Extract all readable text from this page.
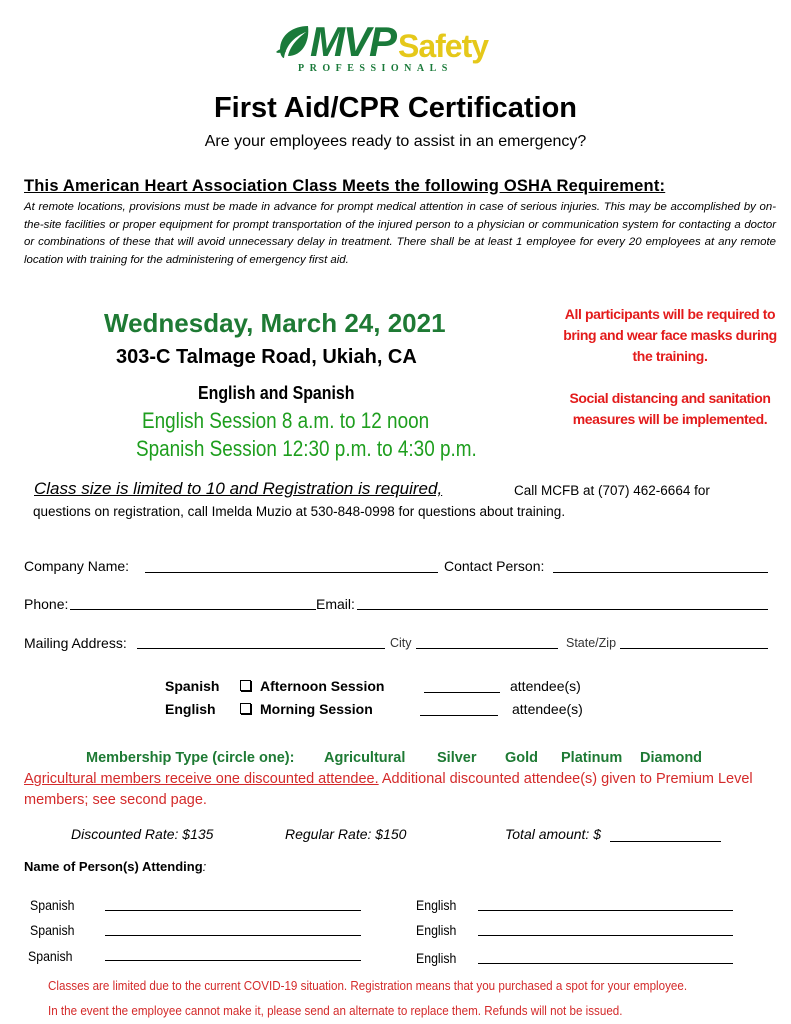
MVP Safety
PROFESSIONALS
First Aid/CPR Certification
Are your employees ready to assist in an emergency?
This American Heart Association Class Meets the following OSHA Requirement:
At remote locations, provisions must be made in advance for prompt medical attention in case of serious injuries. This may be accomplished by on-the-site facilities or proper equipment for prompt transportation of the injured person to a physician or communication system for contacting a doctor or combinations of these that will avoid unnecessary delay in treatment. There shall be at least 1 employee for every 20 employees at any remote location with training for the administering of emergency first aid.
Wednesday, March 24, 2021
303-C Talmage Road, Ukiah, CA
English and Spanish
English Session 8 a.m. to 12 noon
Spanish Session 12:30 p.m. to 4:30 p.m.
All participants will be required to bring and wear face masks during the training.
Social distancing and sanitation measures will be implemented.
Class size is limited to 10 and Registration is required,	Call MCFB at (707) 462-6664 for
questions on registration, call Imelda Muzio at 530-848-0998 for questions about training.
Company Name:	Contact Person:
Phone:	Email:
Mailing Address:	City	State/Zip
Spanish	Afternoon Session	attendee(s)
English	Morning Session	attendee(s)
Membership Type (circle one): Agricultural Silver Gold Platinum Diamond
Agricultural members receive one discounted attendee. Additional discounted attendee(s) given to Premium Level members; see second page.
Discounted Rate: $135	Regular Rate: $150	Total amount: $
Name of Person(s) Attending:
Spanish	English
Spanish	English
Spanish	English
Classes are limited due to the current COVID-19 situation. Registration means that you purchased a spot for your employee.
In the event the employee cannot make it, please send an alternate to replace them. Refunds will not be issued.
